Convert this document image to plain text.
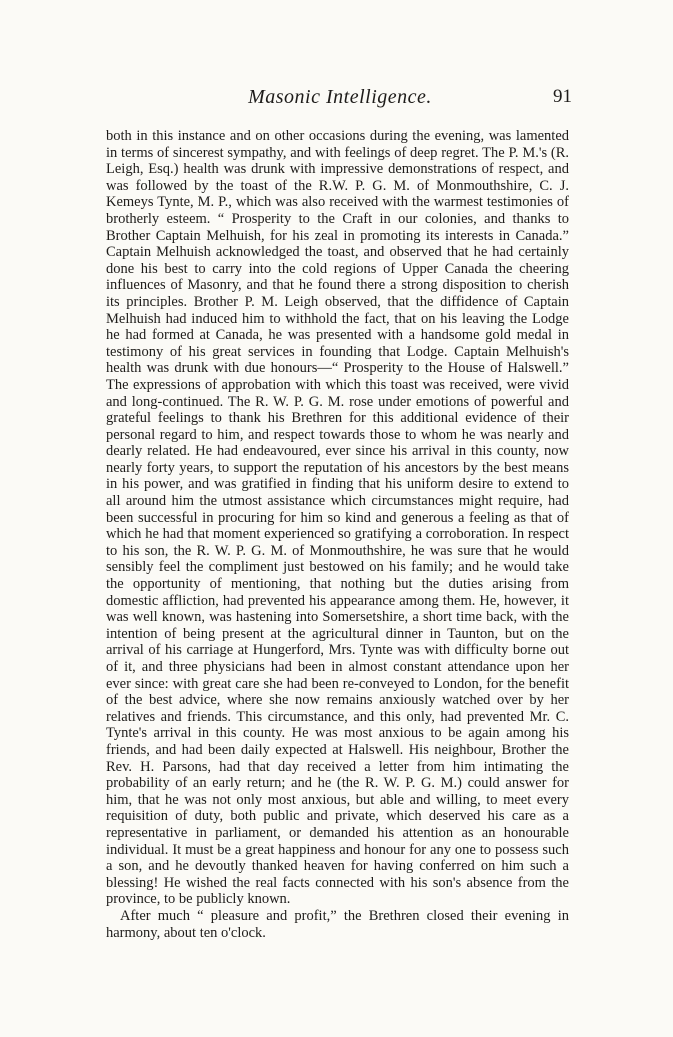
Masonic Intelligence.	91

both in this instance and on other occasions during the evening, was lamented in terms of sincerest sympathy, and with feelings of deep regret. The P. M.'s (R. Leigh, Esq.) health was drunk with impressive demonstrations of respect, and was followed by the toast of the R.W. P. G. M. of Monmouthshire, C. J. Kemeys Tynte, M. P., which was also received with the warmest testimonies of brotherly esteem. “ Prosperity to the Craft in our colonies, and thanks to Brother Captain Melhuish, for his zeal in promoting its interests in Canada.” Captain Melhuish acknowledged the toast, and observed that he had certainly done his best to carry into the cold regions of Upper Canada the cheering influences of Masonry, and that he found there a strong disposition to cherish its principles. Brother P. M. Leigh observed, that the diffidence of Captain Melhuish had induced him to withhold the fact, that on his leaving the Lodge he had formed at Canada, he was presented with a handsome gold medal in testimony of his great services in founding that Lodge. Captain Melhuish's health was drunk with due honours—“ Prosperity to the House of Halswell.” The expressions of approbation with which this toast was received, were vivid and long-continued. The R. W. P. G. M. rose under emotions of powerful and grateful feelings to thank his Brethren for this additional evidence of their personal regard to him, and respect towards those to whom he was nearly and dearly related. He had endeavoured, ever since his arrival in this county, now nearly forty years, to support the reputation of his ancestors by the best means in his power, and was gratified in finding that his uniform desire to extend to all around him the utmost assistance which circumstances might require, had been successful in procuring for him so kind and generous a feeling as that of which he had that moment experienced so gratifying a corroboration. In respect to his son, the R. W. P. G. M. of Monmouthshire, he was sure that he would sensibly feel the compliment just bestowed on his family; and he would take the opportunity of mentioning, that nothing but the duties arising from domestic affliction, had prevented his appearance among them. He, however, it was well known, was hastening into Somersetshire, a short time back, with the intention of being present at the agricultural dinner in Taunton, but on the arrival of his carriage at Hungerford, Mrs. Tynte was with difficulty borne out of it, and three physicians had been in almost constant attendance upon her ever since: with great care she had been re-conveyed to London, for the benefit of the best advice, where she now remains anxiously watched over by her relatives and friends. This circumstance, and this only, had prevented Mr. C. Tynte's arrival in this county. He was most anxious to be again among his friends, and had been daily expected at Halswell. His neighbour, Brother the Rev. H. Parsons, had that day received a letter from him intimating the probability of an early return; and he (the R. W. P. G. M.) could answer for him, that he was not only most anxious, but able and willing, to meet every requisition of duty, both public and private, which deserved his care as a representative in parliament, or demanded his attention as an honourable individual. It must be a great happiness and honour for any one to possess such a son, and he devoutly thanked heaven for having conferred on him such a blessing! He wished the real facts connected with his son's absence from the province, to be publicly known.

After much “ pleasure and profit,” the Brethren closed their evening in harmony, about ten o'clock.
